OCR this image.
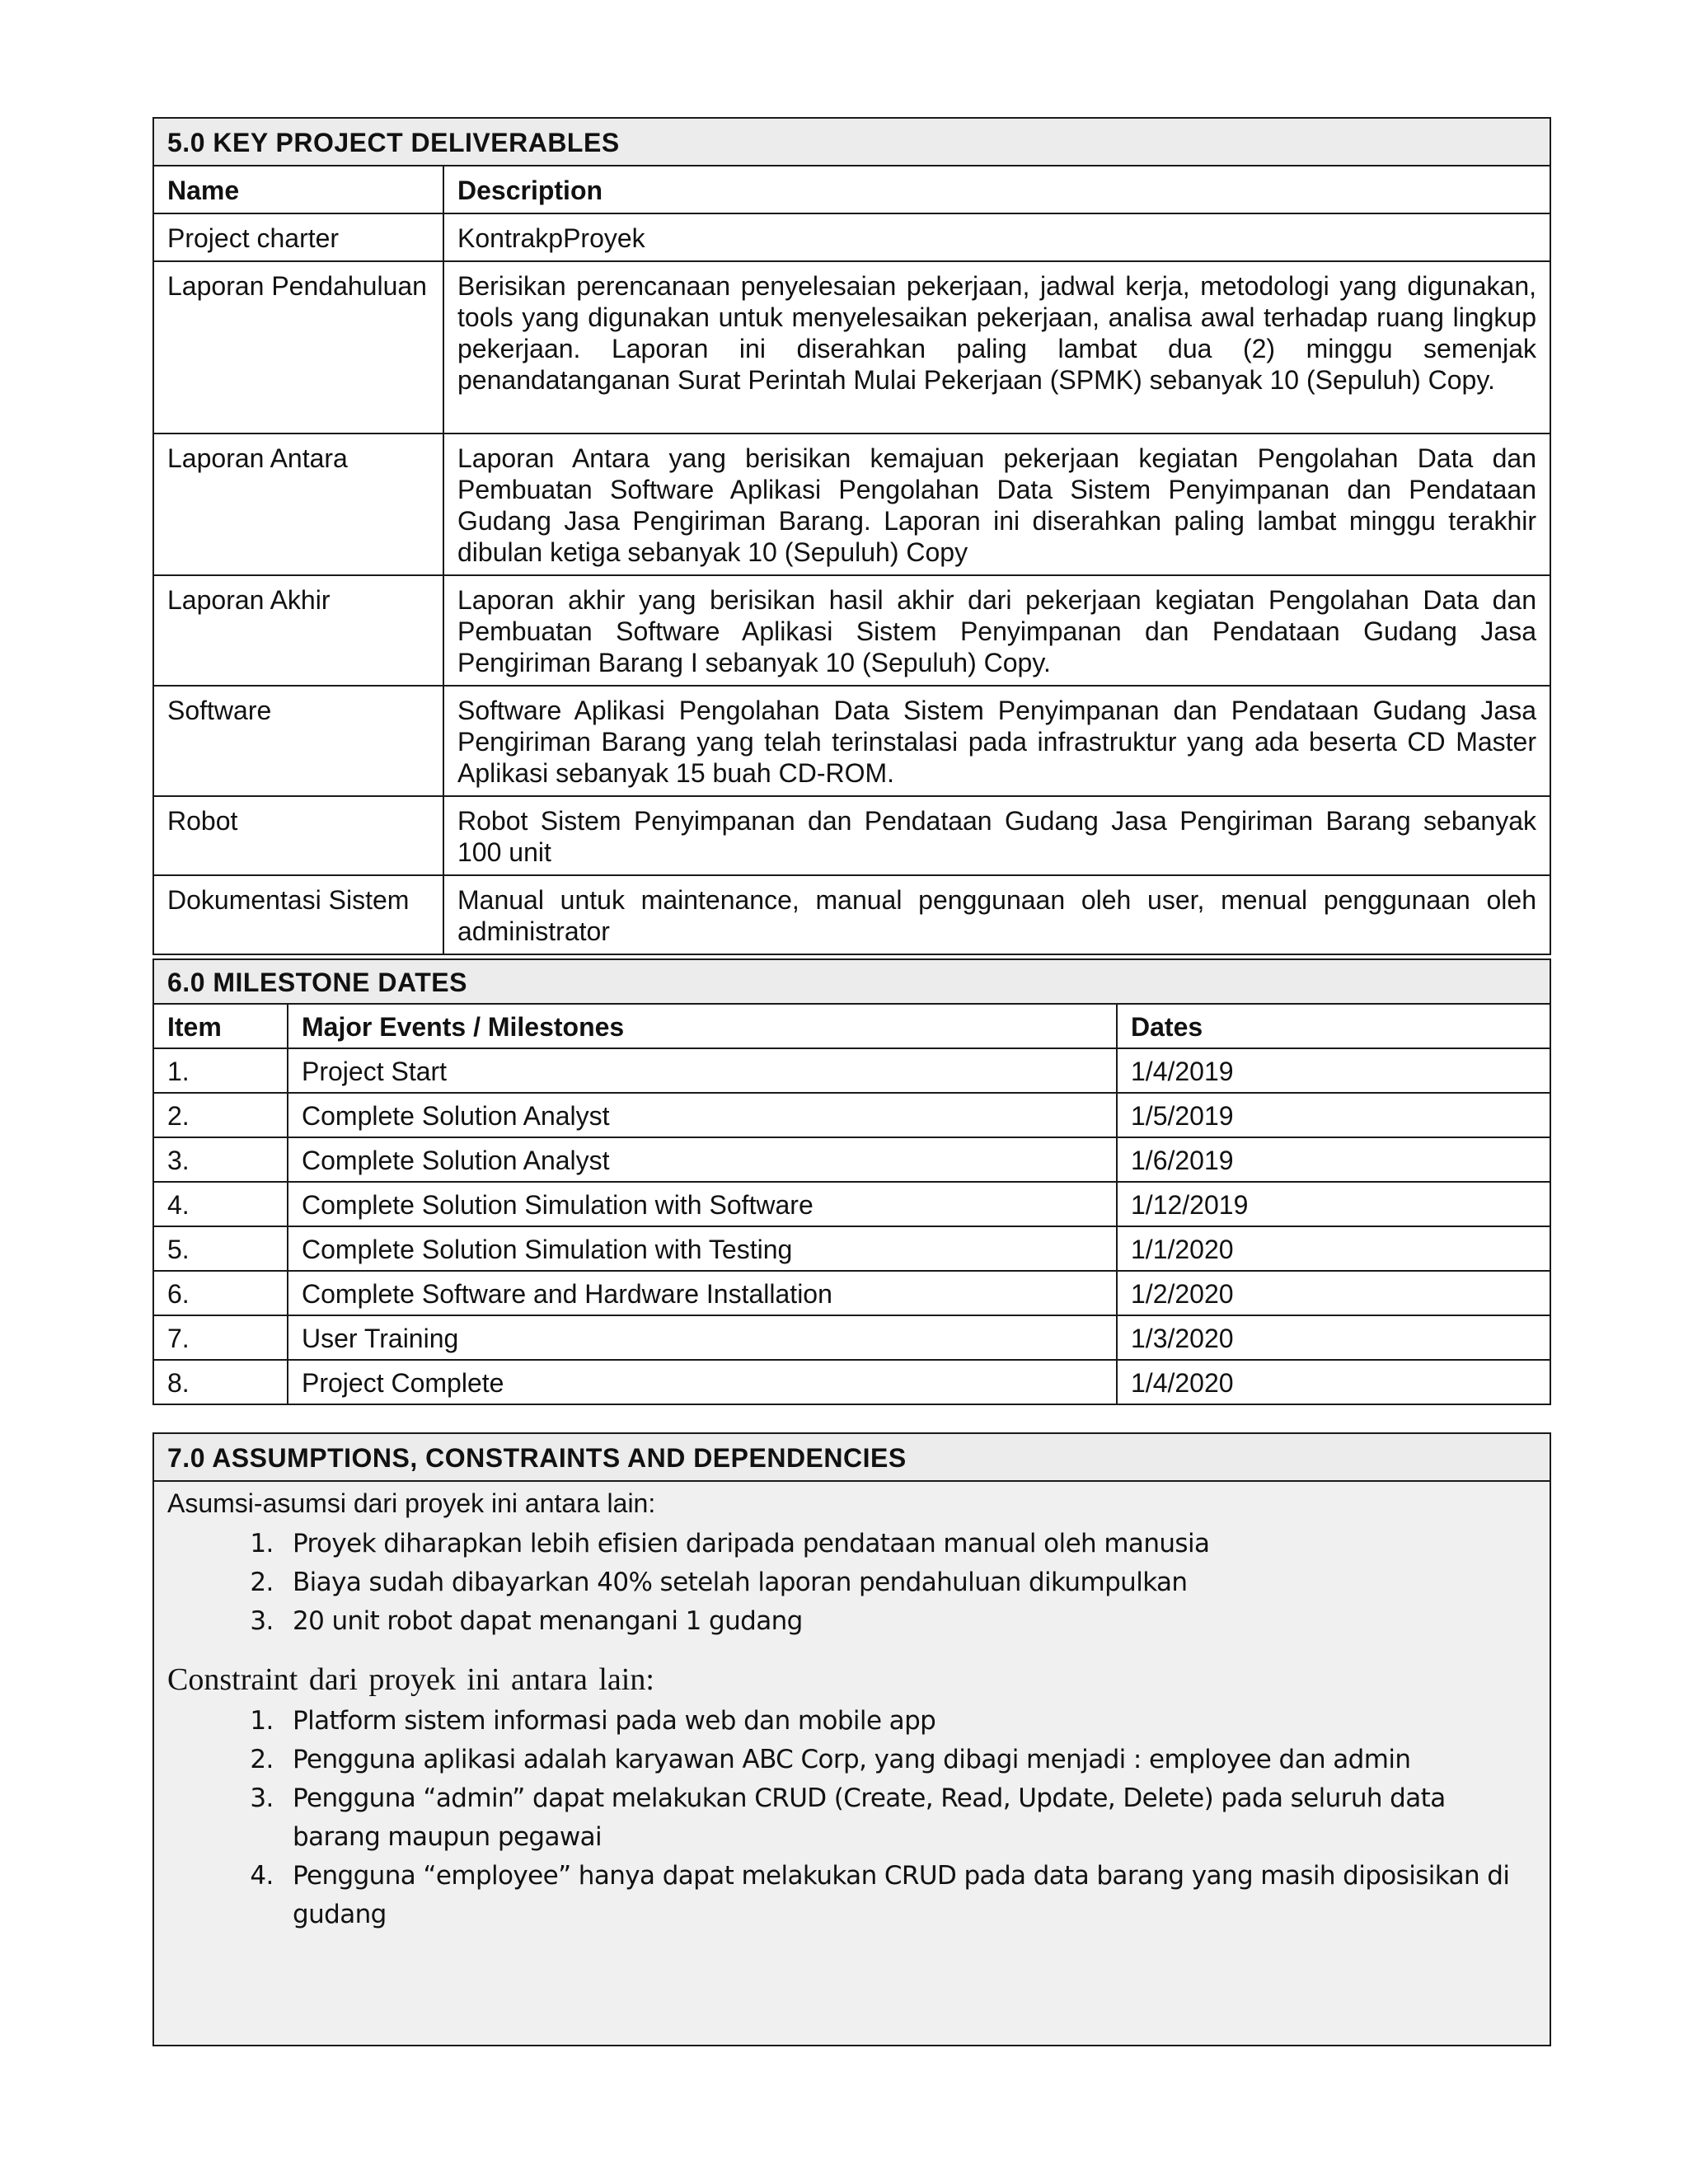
5.0 KEY PROJECT DELIVERABLES	
Name	Description
Project charter	KontrakpProyek
Laporan Pendahuluan	Berisikan perencanaan penyelesaian pekerjaan, jadwal kerja, metodologi yang digunakan, tools yang digunakan untuk menyelesaikan pekerjaan, analisa awal terhadap ruang lingkup pekerjaan. Laporan ini diserahkan paling lambat dua (2) minggu semenjak penandatanganan Surat Perintah Mulai Pekerjaan (SPMK) sebanyak 10 (Sepuluh) Copy.
Laporan Antara	Laporan Antara yang berisikan kemajuan pekerjaan kegiatan Pengolahan Data dan Pembuatan Software Aplikasi Pengolahan Data Sistem Penyimpanan dan Pendataan Gudang Jasa Pengiriman Barang. Laporan ini diserahkan paling lambat minggu terakhir dibulan ketiga sebanyak 10 (Sepuluh) Copy
Laporan Akhir	Laporan akhir yang berisikan hasil akhir dari pekerjaan kegiatan Pengolahan Data dan Pembuatan Software Aplikasi Sistem Penyimpanan dan Pendataan Gudang Jasa Pengiriman Barang I sebanyak 10 (Sepuluh) Copy.
Software	Software Aplikasi Pengolahan Data Sistem Penyimpanan dan Pendataan Gudang Jasa Pengiriman Barang yang telah terinstalasi pada infrastruktur yang ada beserta CD Master Aplikasi sebanyak 15 buah CD-ROM.
Robot	Robot Sistem Penyimpanan dan Pendataan Gudang Jasa Pengiriman Barang sebanyak 100 unit
Dokumentasi Sistem	Manual untuk maintenance, manual penggunaan oleh user, menual penggunaan oleh administrator
6.0 MILESTONE DATES		
Item	Major Events / Milestones	Dates
1.	Project Start	1/4/2019
2.	Complete Solution Analyst	1/5/2019
3.	Complete Solution Analyst	1/6/2019
4.	Complete Solution Simulation with Software	1/12/2019
5.	Complete Solution Simulation with Testing	1/1/2020
6.	Complete Software and Hardware Installation	1/2/2020
7.	User Training	1/3/2020
8.	Project Complete	1/4/2020
7.0 ASSUMPTIONS, CONSTRAINTS AND DEPENDENCIES

Asumsi-asumsi dari proyek ini antara lain:

1. Proyek diharapkan lebih efisien daripada pendataan manual oleh manusia
2. Biaya sudah dibayarkan 40% setelah laporan pendahuluan dikumpulkan
3. 20 unit robot dapat menangani 1 gudang

Constraint dari proyek ini antara lain:

1. Platform sistem informasi pada web dan mobile app
2. Pengguna aplikasi adalah karyawan ABC Corp, yang dibagi menjadi : employee dan admin
3. Pengguna “admin” dapat melakukan CRUD (Create, Read, Update, Delete) pada seluruh data barang maupun pegawai
4. Pengguna “employee” hanya dapat melakukan CRUD pada data barang yang masih diposisikan di gudang
